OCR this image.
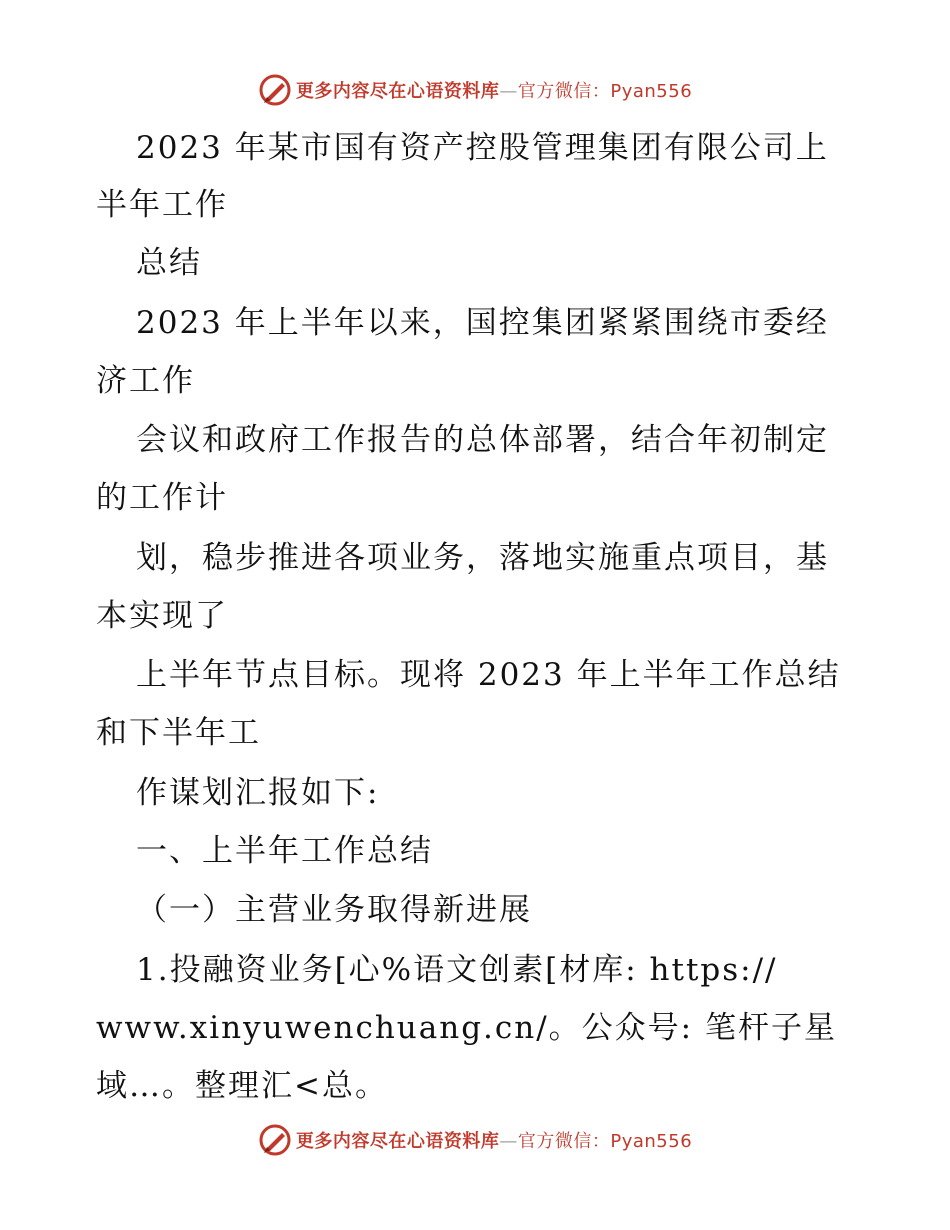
更多内容尽在心语资料库—官方微信：Pyan556
2023 年某市国有资产控股管理集团有限公司上
半年工作
总结
2023 年上半年以来，国控集团紧紧围绕市委经
济工作
会议和政府工作报告的总体部署，结合年初制定
的工作计
划，稳步推进各项业务，落地实施重点项目，基
本实现了
上半年节点目标。现将 2023 年上半年工作总结
和下半年工
作谋划汇报如下:
一、上半年工作总结
（一）主营业务取得新进展
1.投融资业务[心%语文创素[材库: https://
www.xinyuwenchuang.cn/。公众号: 笔杆子星
域…。整理汇<总。
更多内容尽在心语资料库—官方微信：Pyan556
